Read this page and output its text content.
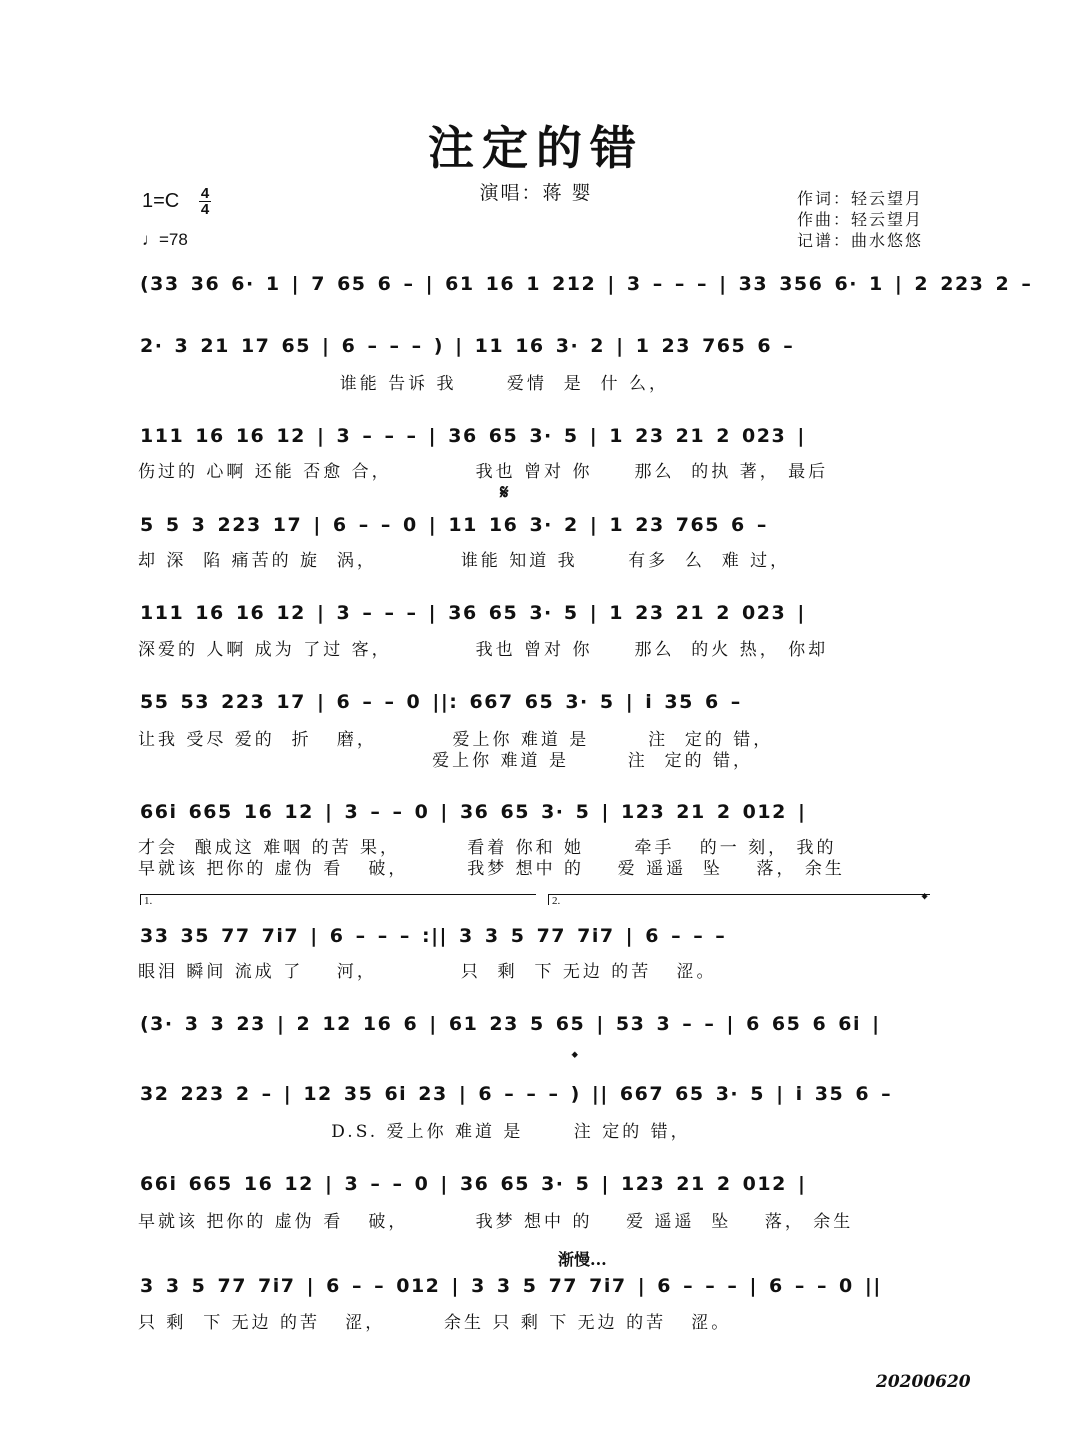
注定的错
演唱：蒋 婴
1=C 4
4
♩=78
作词：轻云望月
作曲：轻云望月
记谱：曲水悠悠
(33 36 6· 1 | 7 65 6 – | 61 16 1 212 | 3 – – – | 33 356 6· 1 | 2 223 2 –
2· 3 21 17 65 | 6 – – – ) | 11 16 3· 2 | 1 23 765 6 –
谁能 告诉 我      爱情  是  什 么，
111 16 16 12 | 3 – – – | 36 65 3· 5 | 1 23 21 2 023 |
伤过的 心啊 还能 否愈 合，          我也 曾对 你     那么  的执 著， 最后
𝄋
5 5 3 223 17 | 6 – – 0 | 11 16 3· 2 | 1 23 765 6 –
却 深  陷 痛苦的 旋  涡，          谁能 知道 我      有多  么  难 过，
111 16 16 12 | 3 – – – | 36 65 3· 5 | 1 23 21 2 023 |
深爱的 人啊 成为 了过 客，          我也 曾对 你     那么  的火 热， 你却
55 53 223 17 | 6 – – 0 ||: 667 65 3· 5 | i 35 6 –
让我 受尽 爱的  折   磨，         爱上你 难道 是       注  定的 错，
爱上你 难道 是       注  定的 错，
66i 665 16 12 | 3 – – 0 | 36 65 3· 5 | 123 21 2 012 |
才会  酿成这 难咽 的苦 果，        看着 你和 她      牵手   的一 刻， 我的
早就该 把你的 虚伪 看   破，       我梦 想中 的    爱 遥遥  坠    落， 余生
1.	2.	𝄌
33 35 77 7i7 | 6 – – – :|| 3 3 5 77 7i7 | 6 – – –
眼泪 瞬间 流成 了    河，          只  剩  下 无边 的苦   涩。
(3· 3 3 23 | 2 12 16 6 | 61 23 5 65 | 53 3 – – | 6 65 6 6i |
𝄌
32 223 2 – | 12 35 6i 23 | 6 – – – ) || 667 65 3· 5 | i 35 6 –
D.S. 爱上你 难道 是      注 定的 错，
66i 665 16 12 | 3 – – 0 | 36 65 3· 5 | 123 21 2 012 |
早就该 把你的 虚伪 看   破，        我梦 想中 的    爱 遥遥  坠    落， 余生
渐慢...
3 3 5 77 7i7 | 6 – – 012 | 3 3 5 77 7i7 | 6 – – – | 6 – – 0 ||
只 剩  下 无边 的苦   涩，       余生 只 剩 下 无边 的苦   涩。
20200620
